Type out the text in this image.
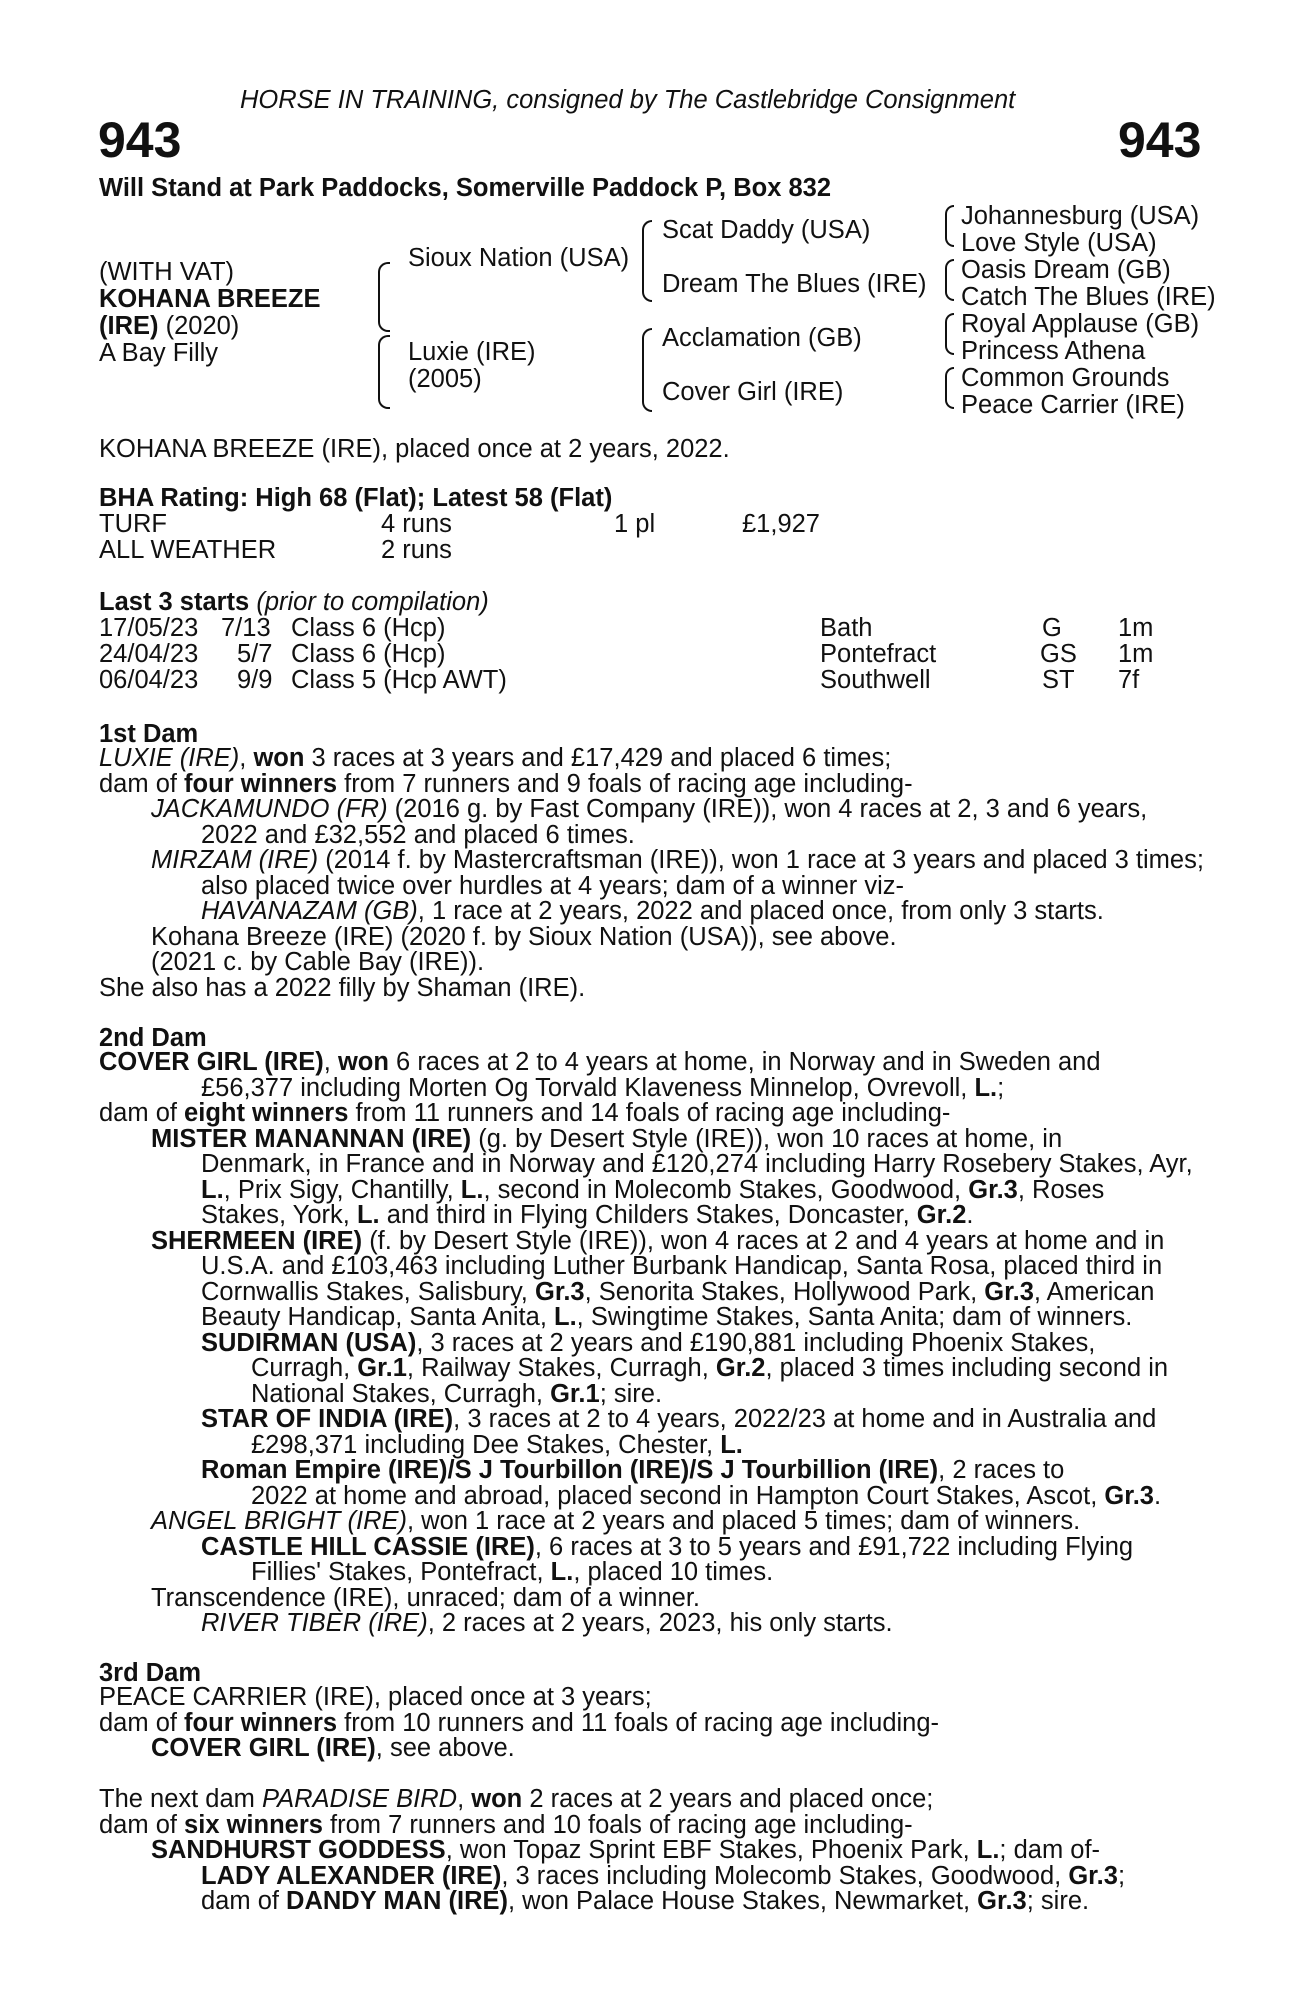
HORSE IN TRAINING, consigned by The Castlebridge Consignment
943	943
Will Stand at Park Paddocks, Somerville Paddock P, Box 832
(WITH VAT)
KOHANA BREEZE
(IRE) (2020)
A Bay Filly
Sioux Nation (USA)
Luxie (IRE)
(2005)
Scat Daddy (USA)
Dream The Blues (IRE)
Acclamation (GB)
Cover Girl (IRE)
Johannesburg (USA)
Love Style (USA)
Oasis Dream (GB)
Catch The Blues (IRE)
Royal Applause (GB)
Princess Athena
Common Grounds
Peace Carrier (IRE)
KOHANA BREEZE (IRE), placed once at 2 years, 2022.
BHA Rating: High 68 (Flat); Latest 58 (Flat)
TURF	4 runs	1 pl	£1,927
ALL WEATHER	2 runs
Last 3 starts (prior to compilation)
17/05/23 7/13 Class 6 (Hcp)	Bath	G 1m
24/04/23 5/7 Class 6 (Hcp)	Pontefract	GS 1m
06/04/23 9/9 Class 5 (Hcp AWT)	Southwell	ST 7f
1st Dam
LUXIE (IRE), won 3 races at 3 years and £17,429 and placed 6 times;
dam of four winners from 7 runners and 9 foals of racing age including-
JACKAMUNDO (FR) (2016 g. by Fast Company (IRE)), won 4 races at 2, 3 and 6 years,
2022 and £32,552 and placed 6 times.
MIRZAM (IRE) (2014 f. by Mastercraftsman (IRE)), won 1 race at 3 years and placed 3 times;
also placed twice over hurdles at 4 years; dam of a winner viz-
HAVANAZAM (GB), 1 race at 2 years, 2022 and placed once, from only 3 starts.
Kohana Breeze (IRE) (2020 f. by Sioux Nation (USA)), see above.
(2021 c. by Cable Bay (IRE)).
She also has a 2022 filly by Shaman (IRE).
2nd Dam
COVER GIRL (IRE), won 6 races at 2 to 4 years at home, in Norway and in Sweden and
£56,377 including Morten Og Torvald Klaveness Minnelop, Ovrevoll, L.;
dam of eight winners from 11 runners and 14 foals of racing age including-
MISTER MANANNAN (IRE) (g. by Desert Style (IRE)), won 10 races at home, in
Denmark, in France and in Norway and £120,274 including Harry Rosebery Stakes, Ayr,
L., Prix Sigy, Chantilly, L., second in Molecomb Stakes, Goodwood, Gr.3, Roses
Stakes, York, L. and third in Flying Childers Stakes, Doncaster, Gr.2.
SHERMEEN (IRE) (f. by Desert Style (IRE)), won 4 races at 2 and 4 years at home and in
U.S.A. and £103,463 including Luther Burbank Handicap, Santa Rosa, placed third in
Cornwallis Stakes, Salisbury, Gr.3, Senorita Stakes, Hollywood Park, Gr.3, American
Beauty Handicap, Santa Anita, L., Swingtime Stakes, Santa Anita; dam of winners.
SUDIRMAN (USA), 3 races at 2 years and £190,881 including Phoenix Stakes,
Curragh, Gr.1, Railway Stakes, Curragh, Gr.2, placed 3 times including second in
National Stakes, Curragh, Gr.1; sire.
STAR OF INDIA (IRE), 3 races at 2 to 4 years, 2022/23 at home and in Australia and
£298,371 including Dee Stakes, Chester, L.
Roman Empire (IRE)/S J Tourbillon (IRE)/S J Tourbillion (IRE), 2 races to
2022 at home and abroad, placed second in Hampton Court Stakes, Ascot, Gr.3.
ANGEL BRIGHT (IRE), won 1 race at 2 years and placed 5 times; dam of winners.
CASTLE HILL CASSIE (IRE), 6 races at 3 to 5 years and £91,722 including Flying
Fillies' Stakes, Pontefract, L., placed 10 times.
Transcendence (IRE), unraced; dam of a winner.
RIVER TIBER (IRE), 2 races at 2 years, 2023, his only starts.
3rd Dam
PEACE CARRIER (IRE), placed once at 3 years;
dam of four winners from 10 runners and 11 foals of racing age including-
COVER GIRL (IRE), see above.
The next dam PARADISE BIRD, won 2 races at 2 years and placed once;
dam of six winners from 7 runners and 10 foals of racing age including-
SANDHURST GODDESS, won Topaz Sprint EBF Stakes, Phoenix Park, L.; dam of-
LADY ALEXANDER (IRE), 3 races including Molecomb Stakes, Goodwood, Gr.3;
dam of DANDY MAN (IRE), won Palace House Stakes, Newmarket, Gr.3; sire.
